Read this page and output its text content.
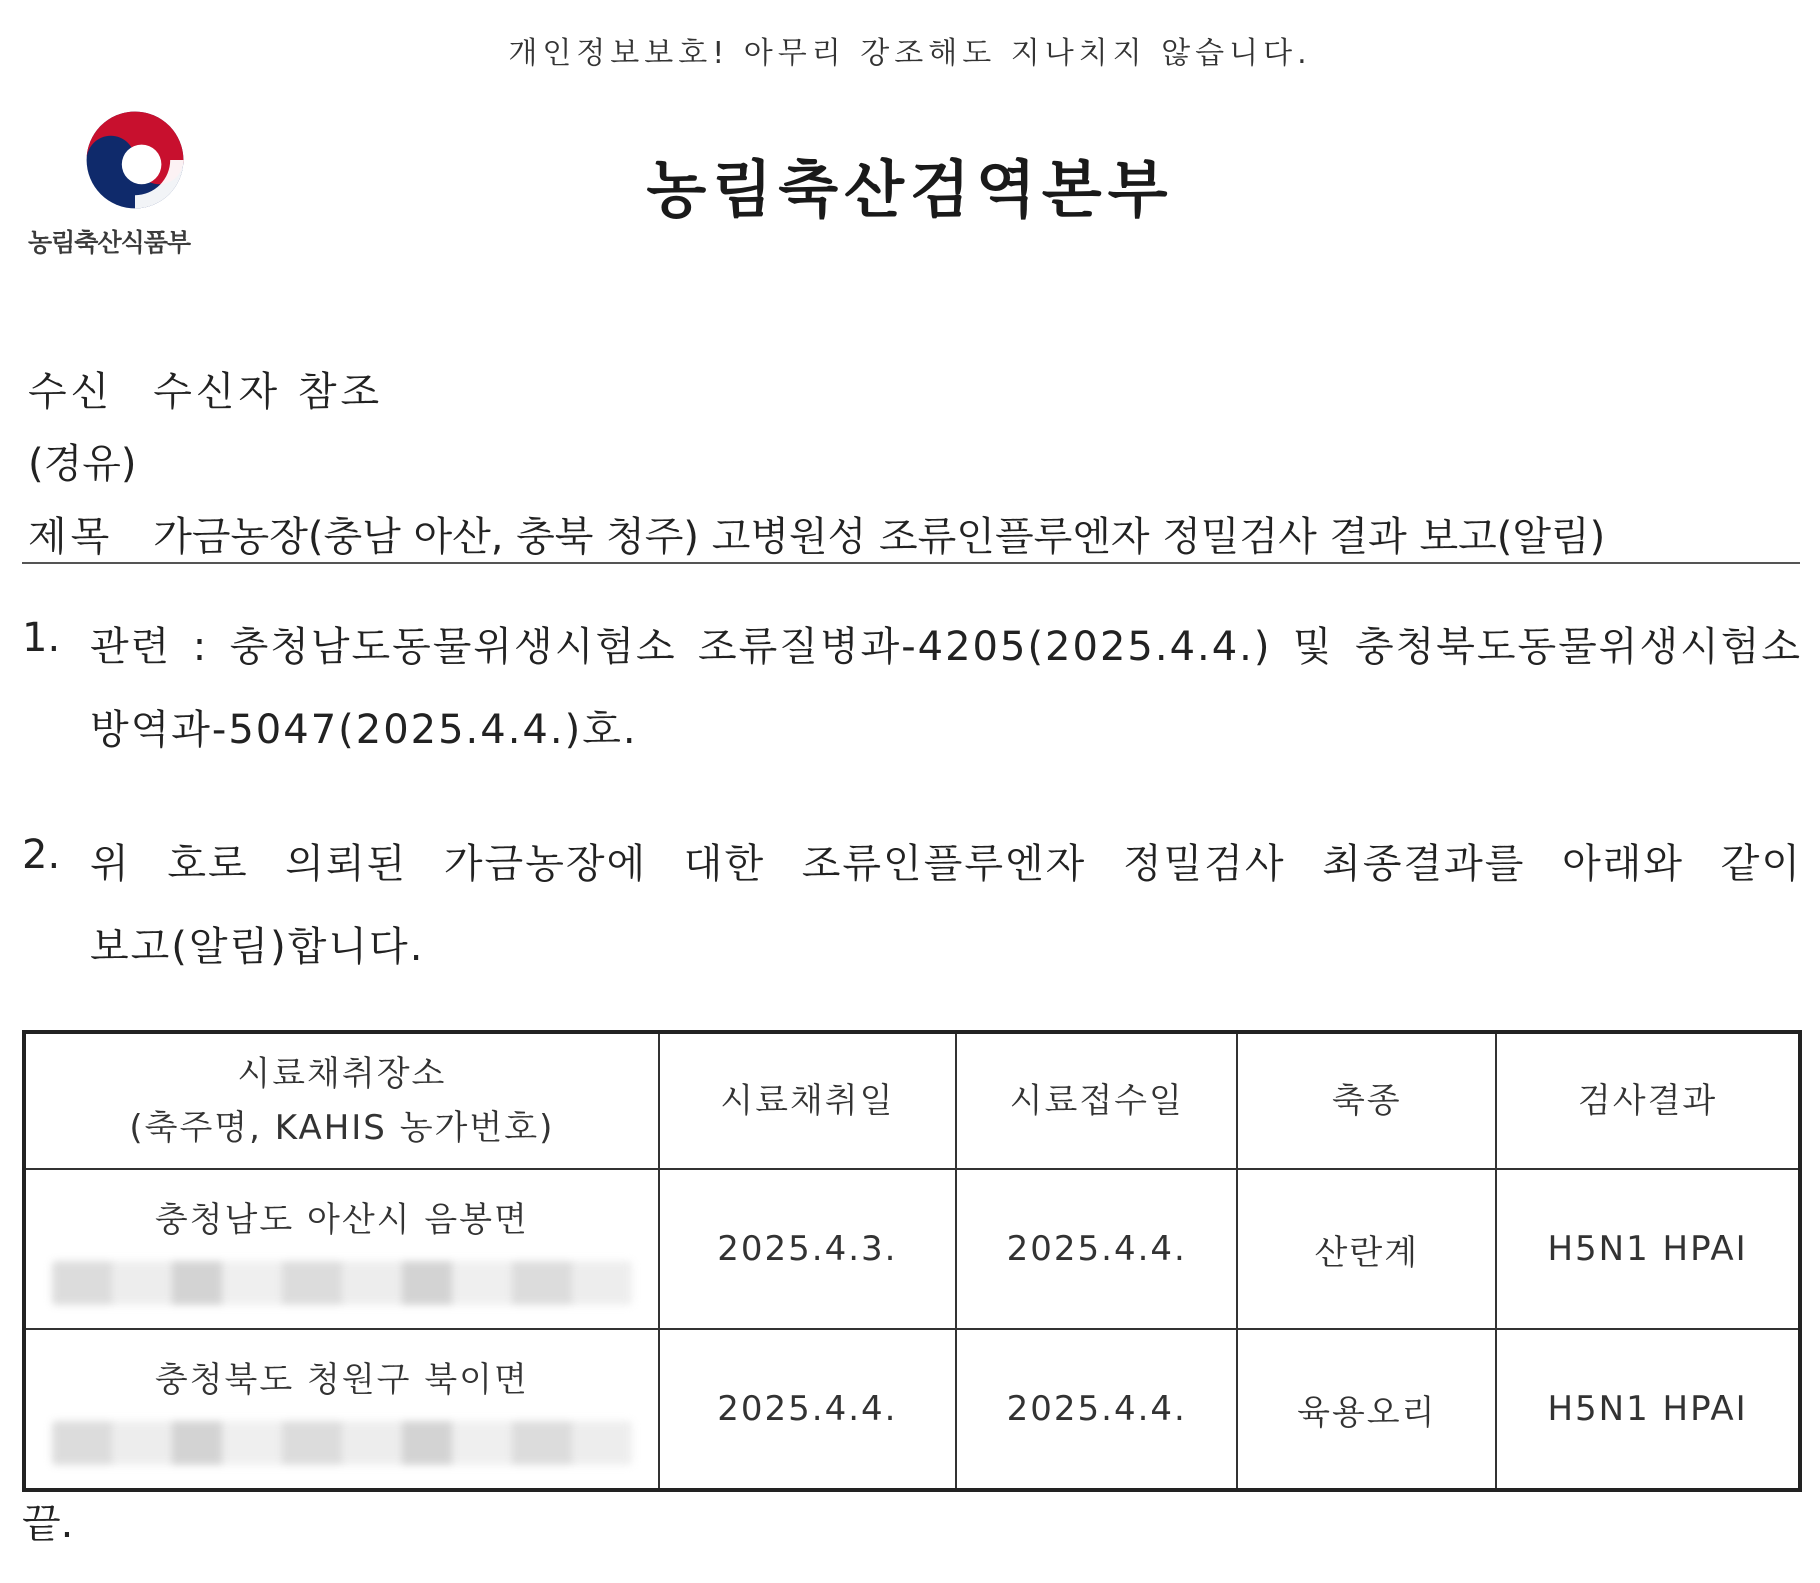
개인정보보호! 아무리 강조해도 지나치지 않습니다.
농림축산식품부
농림축산검역본부
수신 수신자 참조
(경유)
제목 가금농장(충남 아산, 충북 청주) 고병원성 조류인플루엔자 정밀검사 결과 보고(알림)
1. 관련 : 충청남도동물위생시험소 조류질병과-4205(2025.4.4.) 및 충청북도동물위생시험소
방역과-5047(2025.4.4.)호.
2. 위 호로 의뢰된 가금농장에 대한 조류인플루엔자 정밀검사 최종결과를 아래와 같이
보고(알림)합니다.
시료채취장소
(축주명, KAHIS 농가번호)	시료채취일	시료접수일	축종	검사결과

충청남도 아산시 음봉면	2025.4.3.	2025.4.4.	산란계	H5N1 HPAI

충청북도 청원구 북이면	2025.4.4.	2025.4.4.	육용오리	H5N1 HPAI
끝.
